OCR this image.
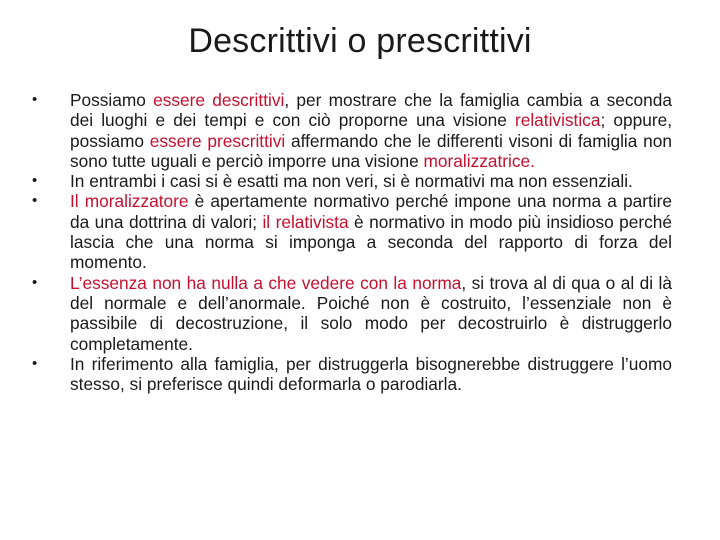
Descrittivi o prescrittivi
• Possiamo essere descrittivi, per mostrare che la famiglia cambia a seconda dei luoghi e dei tempi e con ciò proporne una visione relativistica; oppure, possiamo essere prescrittivi affermando che le differenti visoni di famiglia non sono tutte uguali e perciò imporre una visione moralizzatrice.
• In entrambi i casi si è esatti ma non veri, si è normativi ma non essenziali.
• Il moralizzatore è apertamente normativo perché impone una norma a partire da una dottrina di valori; il relativista è normativo in modo più insidioso perché lascia che una norma si imponga a seconda del rapporto di forza del momento.
• L’essenza non ha nulla a che vedere con la norma, si trova al di qua o al di là del normale e dell’anormale. Poiché non è costruito, l’essenziale non è passibile di decostruzione, il solo modo per decostruirlo è distruggerlo completamente.
• In riferimento alla famiglia, per distruggerla bisognerebbe distruggere l’uomo stesso, si preferisce quindi deformarla o parodiarla.
